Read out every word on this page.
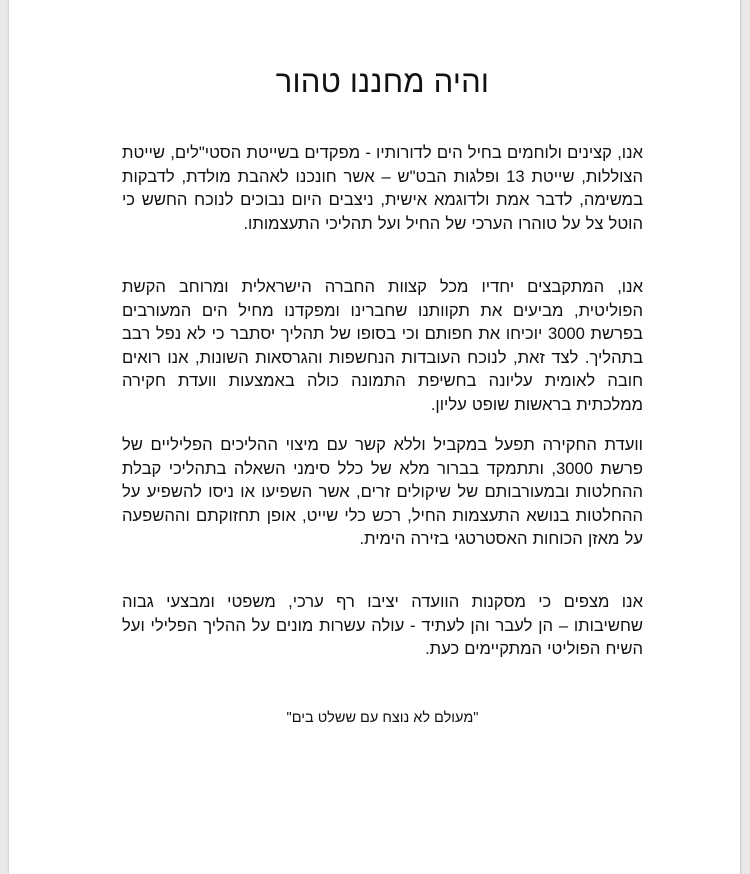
והיה מחננו טהור

אנו, קצינים ולוחמים בחיל הים לדורותיו - מפקדים בשייטת הסטי"לים, שייטת הצוללות, שייטת 13 ופלגות הבט"ש – אשר חונכנו לאהבת מולדת, לדבקות במשימה, לדבר אמת ולדוגמא אישית, ניצבים היום נבוכים לנוכח החשש כי הוטל צל על טוהרו הערכי של החיל ועל תהליכי התעצמותו.

אנו, המתקבצים יחדיו מכל קצוות החברה הישראלית ומרוחב הקשת הפוליטית, מביעים את תקוותנו שחברינו ומפקדנו מחיל הים המעורבים בפרשת 3000 יוכיחו את חפותם וכי בסופו של תהליך יסתבר כי לא נפל רבב בתהליך. לצד זאת, לנוכח העובדות הנחשפות והגרסאות השונות, אנו רואים חובה לאומית עליונה בחשיפת התמונה כולה באמצעות וועדת חקירה ממלכתית בראשות שופט עליון.

וועדת החקירה תפעל במקביל וללא קשר עם מיצוי ההליכים הפליליים של פרשת 3000, ותתמקד בברור מלא של כלל סימני השאלה בתהליכי קבלת ההחלטות ובמעורבותם של שיקולים זרים, אשר השפיעו או ניסו להשפיע על ההחלטות בנושא התעצמות החיל, רכש כלי שייט, אופן תחזוקתם וההשפעה על מאזן הכוחות האסטרטגי בזירה הימית.

אנו מצפים כי מסקנות הוועדה יציבו רף ערכי, משפטי ומבצעי גבוה שחשיבותו – הן לעבר והן לעתיד - עולה עשרות מונים על ההליך הפלילי ועל השיח הפוליטי המתקיימים כעת.

"מעולם לא נוצח עם ששלט בים"
